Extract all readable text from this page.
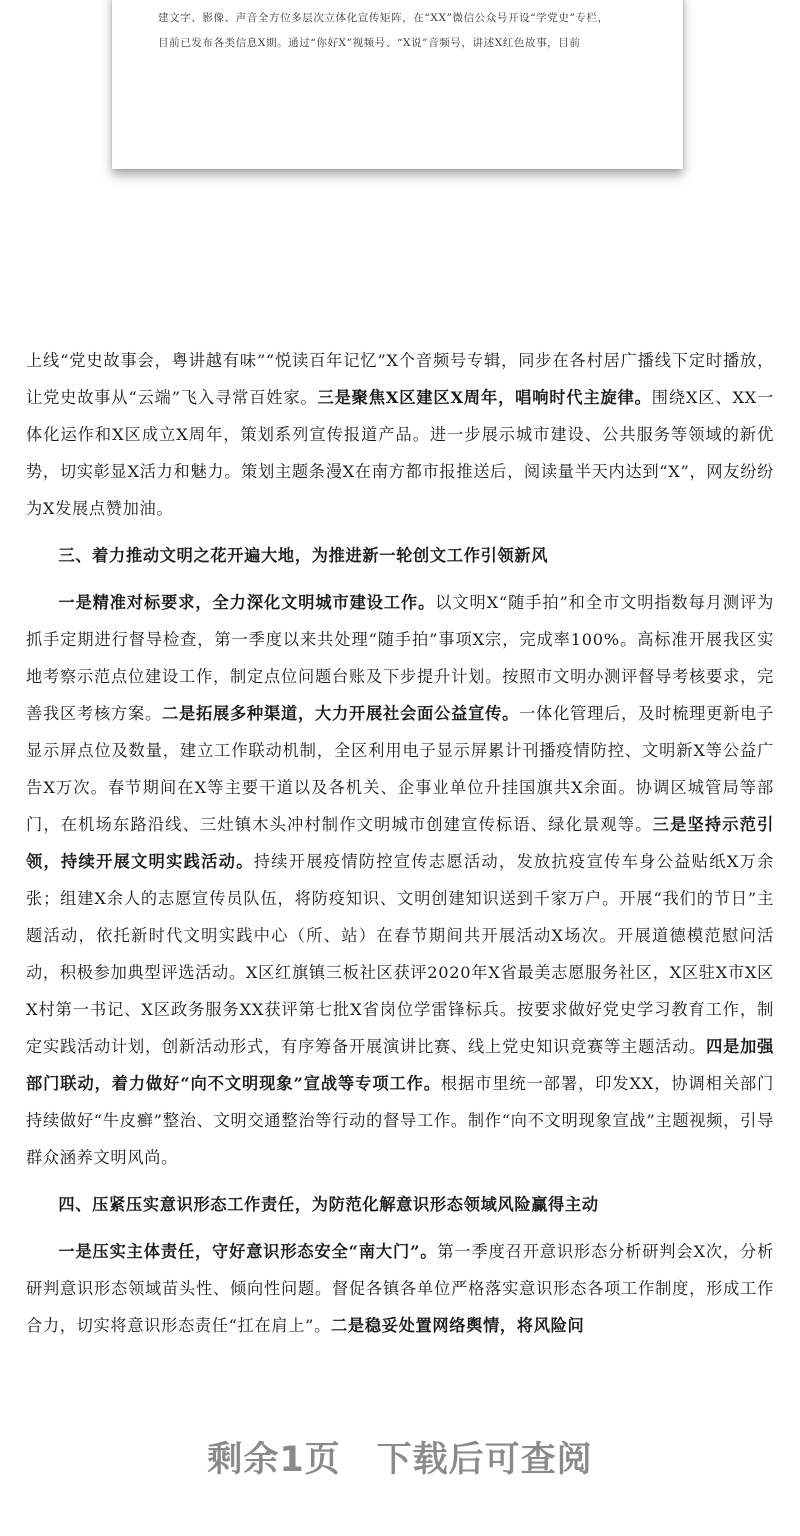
建文字、影像、声音全方位多层次立体化宣传矩阵，在“XX”微信公众号开设“学党史”专栏，
目前已发布各类信息X期。通过“你好X”视频号、“X说”音频号，讲述X红色故事，目前

上线“党史故事会，粤讲越有味”“悦读百年记忆”X个音频号专辑，同步在各村居广播线下定时播放，让党史故事从“云端”飞入寻常百姓家。三是聚焦X区建区X周年，唱响时代主旋律。围绕X区、XX一体化运作和X区成立X周年，策划系列宣传报道产品。进一步展示城市建设、公共服务等领域的新优势，切实彰显X活力和魅力。策划主题条漫X在南方都市报推送后，阅读量半天内达到“X”，网友纷纷为X发展点赞加油。

三、着力推动文明之花开遍大地，为推进新一轮创文工作引领新风

一是精准对标要求，全力深化文明城市建设工作。以文明X“随手拍”和全市文明指数每月测评为抓手定期进行督导检查，第一季度以来共处理“随手拍”事项X宗，完成率100%。高标准开展我区实地考察示范点位建设工作，制定点位问题台账及下步提升计划。按照市文明办测评督导考核要求，完善我区考核方案。二是拓展多种渠道，大力开展社会面公益宣传。一体化管理后，及时梳理更新电子显示屏点位及数量，建立工作联动机制，全区利用电子显示屏累计刊播疫情防控、文明新X等公益广告X万次。春节期间在X等主要干道以及各机关、企事业单位升挂国旗共X余面。协调区城管局等部门，在机场东路沿线、三灶镇木头冲村制作文明城市创建宣传标语、绿化景观等。三是坚持示范引领，持续开展文明实践活动。持续开展疫情防控宣传志愿活动，发放抗疫宣传车身公益贴纸X万余张；组建X余人的志愿宣传员队伍，将防疫知识、文明创建知识送到千家万户。开展“我们的节日”主题活动，依托新时代文明实践中心（所、站）在春节期间共开展活动X场次。开展道德模范慰问活动，积极参加典型评选活动。X区红旗镇三板社区获评2020年X省最美志愿服务社区，X区驻X市X区X村第一书记、X区政务服务XX获评第七批X省岗位学雷锋标兵。按要求做好党史学习教育工作，制定实践活动计划，创新活动形式，有序筹备开展演讲比赛、线上党史知识竞赛等主题活动。四是加强部门联动，着力做好“向不文明现象”宣战等专项工作。根据市里统一部署，印发XX，协调相关部门持续做好“牛皮癣”整治、文明交通整治等行动的督导工作。制作“向不文明现象宣战”主题视频，引导群众涵养文明风尚。

四、压紧压实意识形态工作责任，为防范化解意识形态领域风险赢得主动

一是压实主体责任，守好意识形态安全“南大门”。第一季度召开意识形态分析研判会X次，分析研判意识形态领域苗头性、倾向性问题。督促各镇各单位严格落实意识形态各项工作制度，形成工作合力，切实将意识形态责任“扛在肩上”。二是稳妥处置网络舆情，将风险问

剩余1页　下载后可查阅
